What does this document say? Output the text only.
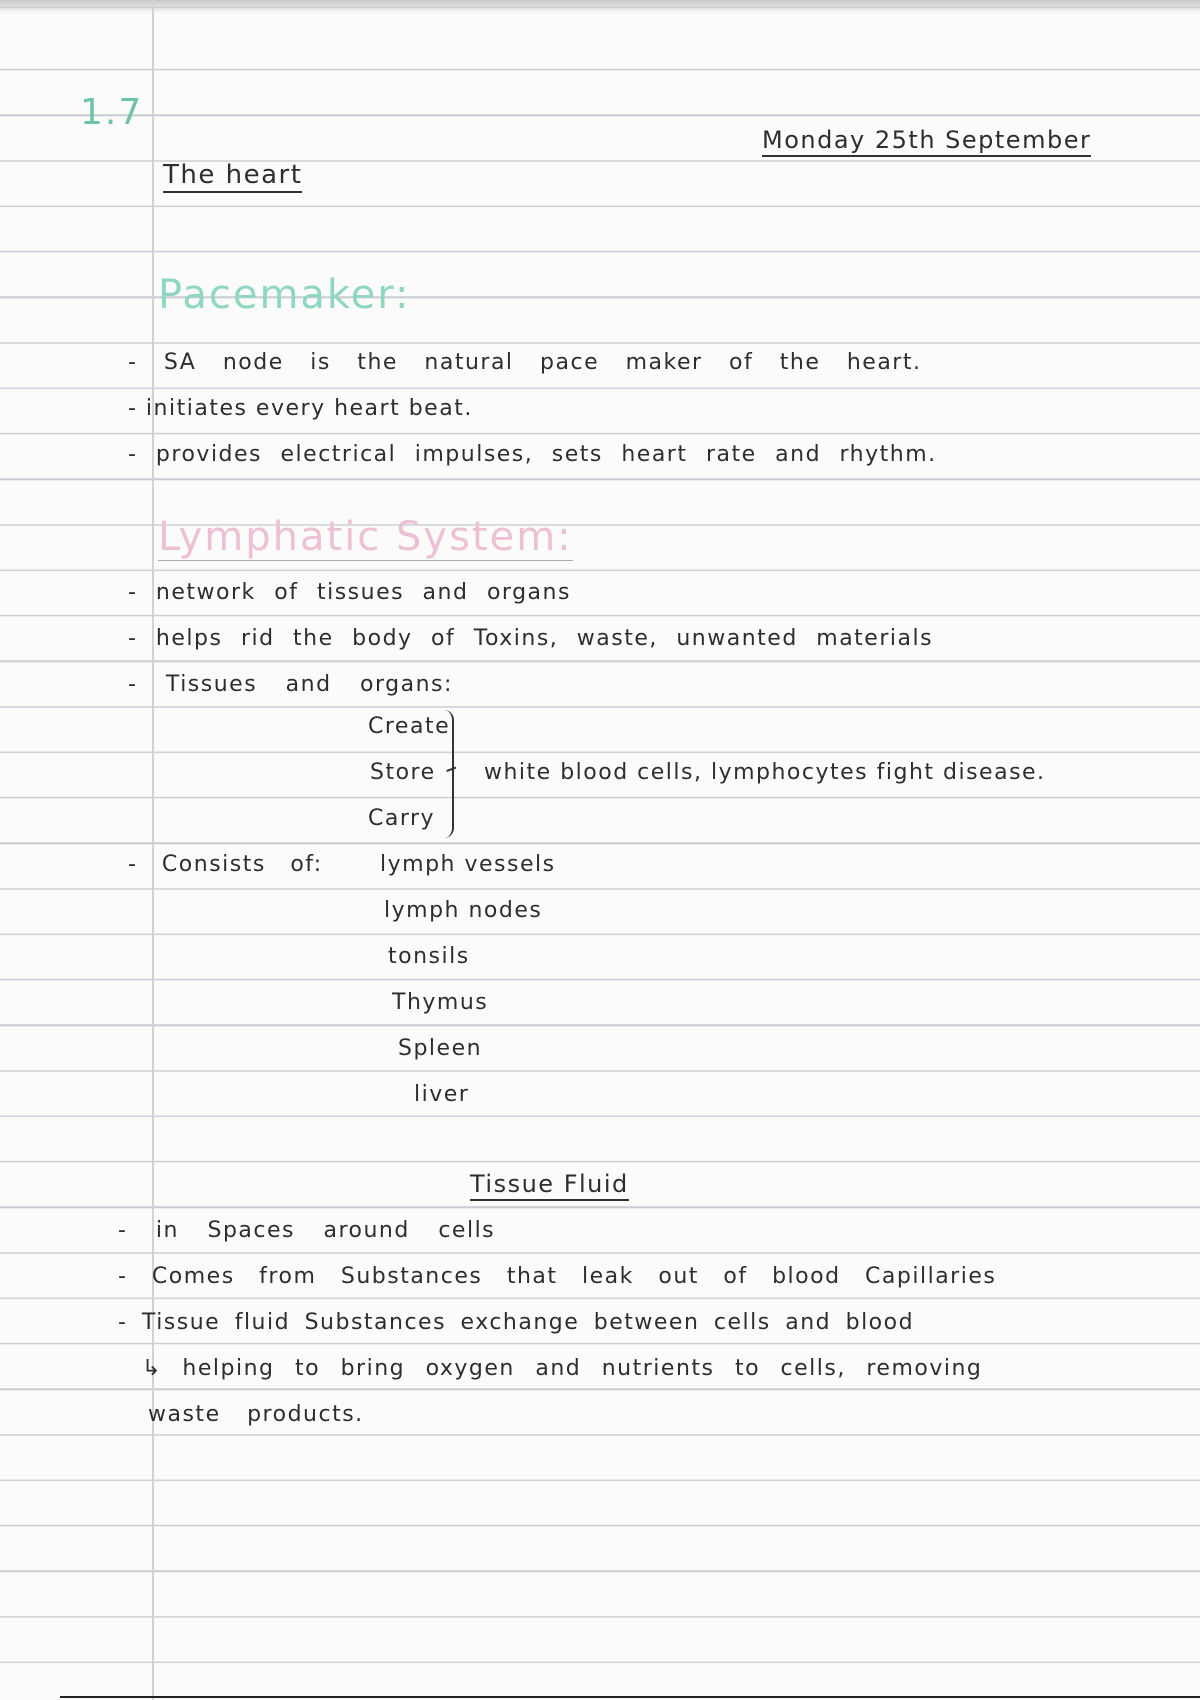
1.7
Monday 25th September
The heart
Pacemaker:
- SA node is the natural pace maker of the heart.
- initiates every heart beat.
- provides electrical impulses, sets heart rate and rhythm.
Lymphatic System:
- network of tissues and organs
- helps rid the body of Toxins, waste, unwanted materials
- Tissues and organs:
Create
Store
Carry
white blood cells, lymphocytes fight disease.
- Consists of:	lymph vessels
lymph nodes
tonsils
Thymus
Spleen
liver
Tissue Fluid
- in Spaces around cells
- Comes from Substances that leak out of blood Capillaries
- Tissue fluid Substances exchange between cells and blood
↳ helping to bring oxygen and nutrients to cells, removing
waste products.
